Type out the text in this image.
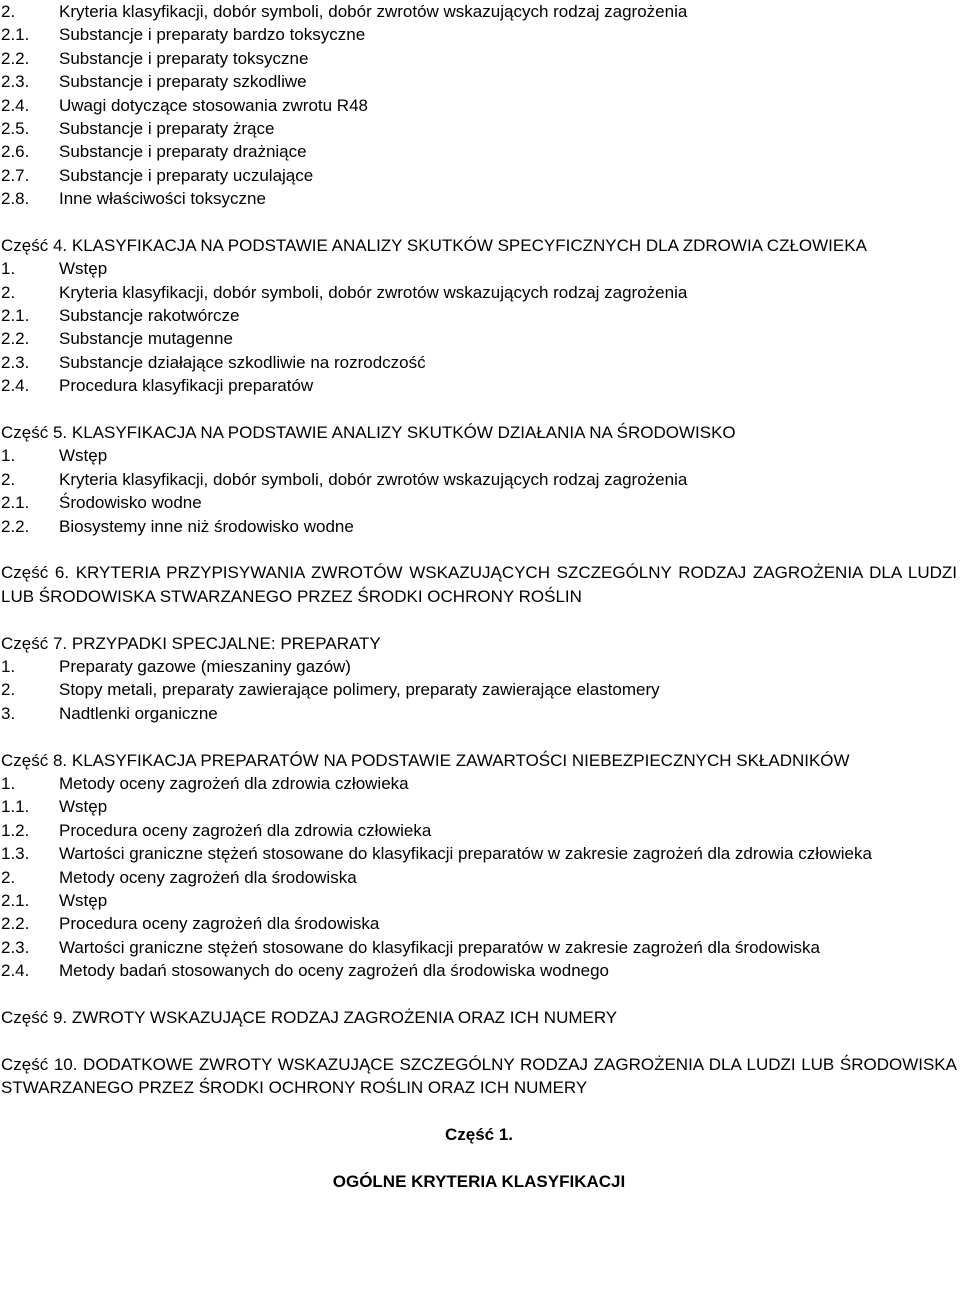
2.	Kryteria klasyfikacji, dobór symboli, dobór zwrotów wskazujących rodzaj zagrożenia
2.1. Substancje i preparaty bardzo toksyczne
2.2. Substancje i preparaty toksyczne
2.3. Substancje i preparaty szkodliwe
2.4. Uwagi dotyczące stosowania zwrotu R48
2.5. Substancje i preparaty żrące
2.6. Substancje i preparaty drażniące
2.7. Substancje i preparaty uczulające
2.8. Inne właściwości toksyczne
Część 4. KLASYFIKACJA NA PODSTAWIE ANALIZY SKUTKÓW SPECYFICZNYCH DLA ZDROWIA CZŁOWIEKA
1.	Wstęp
2.	Kryteria klasyfikacji, dobór symboli, dobór zwrotów wskazujących rodzaj zagrożenia
2.1. Substancje rakotwórcze
2.2. Substancje mutagenne
2.3. Substancje działające szkodliwie na rozrodczość
2.4. Procedura klasyfikacji preparatów
Część 5. KLASYFIKACJA NA PODSTAWIE ANALIZY SKUTKÓW DZIAŁANIA NA ŚRODOWISKO
1.	Wstęp
2.	Kryteria klasyfikacji, dobór symboli, dobór zwrotów wskazujących rodzaj zagrożenia
2.1. Środowisko wodne
2.2. Biosystemy inne niż środowisko wodne
Część 6. KRYTERIA PRZYPISYWANIA ZWROTÓW WSKAZUJĄCYCH SZCZEGÓLNY RODZAJ ZAGROŻENIA DLA LUDZI LUB ŚRODOWISKA STWARZANEGO PRZEZ ŚRODKI OCHRONY ROŚLIN
Część 7. PRZYPADKI SPECJALNE: PREPARATY
1.	Preparaty gazowe (mieszaniny gazów)
2.	Stopy metali, preparaty zawierające polimery, preparaty zawierające elastomery
3.	Nadtlenki organiczne
Część 8. KLASYFIKACJA PREPARATÓW NA PODSTAWIE ZAWARTOŚCI NIEBEZPIECZNYCH SKŁADNIKÓW
1.	Metody oceny zagrożeń dla zdrowia człowieka
1.1. Wstęp
1.2. Procedura oceny zagrożeń dla zdrowia człowieka
1.3. Wartości graniczne stężeń stosowane do klasyfikacji preparatów w zakresie zagrożeń dla zdrowia człowieka
2.	Metody oceny zagrożeń dla środowiska
2.1. Wstęp
2.2. Procedura oceny zagrożeń dla środowiska
2.3. Wartości graniczne stężeń stosowane do klasyfikacji preparatów w zakresie zagrożeń dla środowiska
2.4. Metody badań stosowanych do oceny zagrożeń dla środowiska wodnego
Część 9. ZWROTY WSKAZUJĄCE RODZAJ ZAGROŻENIA ORAZ ICH NUMERY
Część 10. DODATKOWE ZWROTY WSKAZUJĄCE SZCZEGÓLNY RODZAJ ZAGROŻENIA DLA LUDZI LUB ŚRODOWISKA STWARZANEGO PRZEZ ŚRODKI OCHRONY ROŚLIN ORAZ ICH NUMERY
Część 1.
OGÓLNE KRYTERIA KLASYFIKACJI
